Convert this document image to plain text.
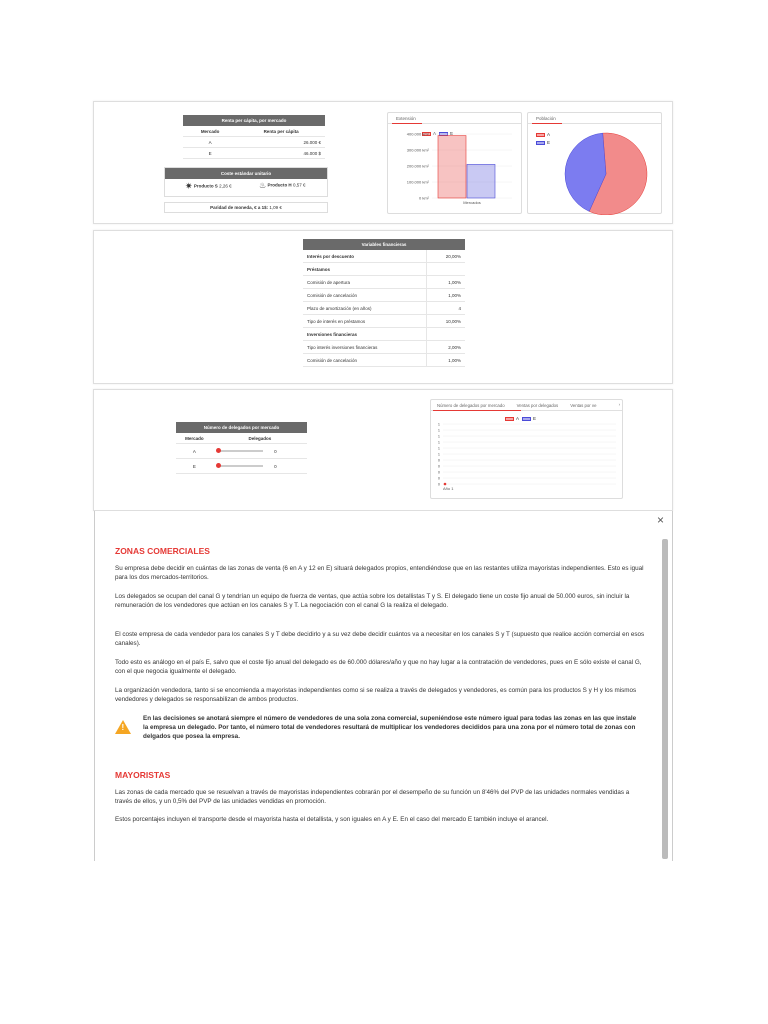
Renta per cápita, por mercado
Mercado	Renta per cápita
A	26.000 €
E	46.000 $
Coste estándar unitario
✷ Producto S 2,26 €	♨ Producto H 0,57 €
Paridad de moneda, € a 1$: 1,09 €
Extensión
A	E
400.000 km²
300.000 km²
200.000 km²
100.000 km²
0 km²
Mercados
Población
A
E
Variables financieras
Interés por descuento	20,00%
Préstamos	
Comisión de apertura	1,00%
Comisión de cancelación	1,00%
Plazo de amortización (en años)	4
Tipo de interés en préstamos	10,00%
Inversiones financieras	
Tipo interés inversiones financieras	2,00%
Comisión de cancelación	1,00%
Número de delegados por mercado
Mercado	Delegados
A	0
E	0
Número de delegados por mercado	Ventas por delegados	Ventas por ve	›
A	E
1
1
1
1
1
1
0
0
0
0
0
Año 1
×
ZONAS COMERCIALES

Su empresa debe decidir en cuántas de las zonas de venta (6 en A y 12 en E) situará delegados propios, entendiéndose que en las restantes utiliza mayoristas independientes. Esto es igual para los dos mercados-territorios.

Los delegados se ocupan del canal G y tendrían un equipo de fuerza de ventas, que actúa sobre los detallistas T y S. El delegado tiene un coste fijo anual de 50.000 euros, sin incluir la remuneración de los vendedores que actúan en los canales S y T. La negociación con el canal G la realiza el delegado.

El coste empresa de cada vendedor para los canales S y T debe decidirlo y a su vez debe decidir cuántos va a necesitar en los canales S y T (supuesto que realice acción comercial en esos canales).

Todo esto es análogo en el país E, salvo que el coste fijo anual del delegado es de 60.000 dólares/año y que no hay lugar a la contratación de vendedores, pues en E sólo existe el canal G, con el que negocia igualmente el delegado.

La organización vendedora, tanto si se encomienda a mayoristas independientes como si se realiza a través de delegados y vendedores, es común para los productos S y H y los mismos vendedores y delegados se responsabilizan de ambos productos.

!

En las decisiones se anotará siempre el número de vendedores de una sola zona comercial, supeniéndose este número igual para todas las zonas en las que instale la empresa un delegado. Por tanto, el número total de vendedores resultará de multiplicar los vendedores decididos para una zona por el número total de zonas con delgados que posea la empresa.

MAYORISTAS

Las zonas de cada mercado que se resuelvan a través de mayoristas independientes cobrarán por el desempeño de su función un 8'46% del PVP de las unidades normales vendidas a través de ellos, y un 0,5% del PVP de las unidades vendidas en promoción.

Estos porcentajes incluyen el transporte desde el mayorista hasta el detallista, y son iguales en A y E. En el caso del mercado E también incluye el arancel.
